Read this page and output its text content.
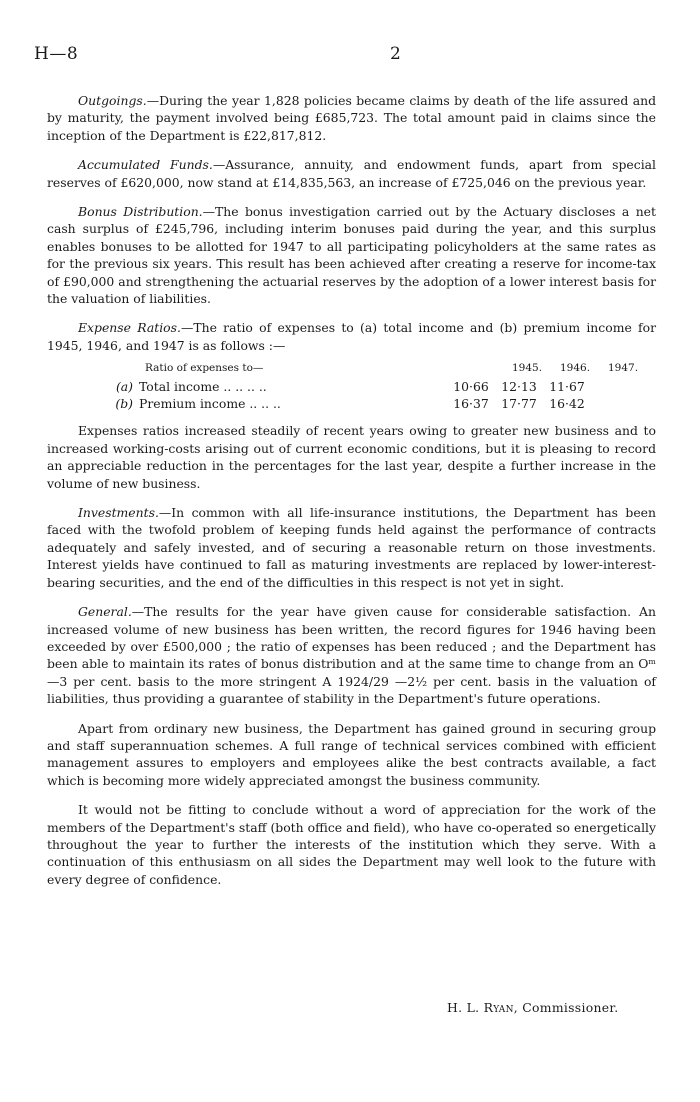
H—8	2

Outgoings.—During the year 1,828 policies became claims by death of the life assured and by maturity, the payment involved being £685,723. The total amount paid in claims since the inception of the Department is £22,817,812.

Accumulated Funds.—Assurance, annuity, and endowment funds, apart from special reserves of £620,000, now stand at £14,835,563, an increase of £725,046 on the previous year.

Bonus Distribution.—The bonus investigation carried out by the Actuary discloses a net cash surplus of £245,796, including interim bonuses paid during the year, and this surplus enables bonuses to be allotted for 1947 to all participating policyholders at the same rates as for the previous six years. This result has been achieved after creating a reserve for income-tax of £90,000 and strengthening the actuarial reserves by the adoption of a lower interest basis for the valuation of liabilities.

Expense Ratios.—The ratio of expenses to (a) total income and (b) premium income for 1945, 1946, and 1947 is as follows :—

Ratio of expenses to—	1945.	1946.	1947.
(a) Total income .. .. .. ..	10·66	12·13	11·67
(b) Premium income .. .. ..	16·37	17·77	16·42

Expenses ratios increased steadily of recent years owing to greater new business and to increased working-costs arising out of current economic conditions, but it is pleasing to record an appreciable reduction in the percentages for the last year, despite a further increase in the volume of new business.

Investments.—In common with all life-insurance institutions, the Department has been faced with the twofold problem of keeping funds held against the performance of contracts adequately and safely invested, and of securing a reasonable return on those investments. Interest yields have continued to fall as maturing investments are replaced by lower-interest-bearing securities, and the end of the difficulties in this respect is not yet in sight.

General.—The results for the year have given cause for considerable satisfaction. An increased volume of new business has been written, the record figures for 1946 having been exceeded by over £500,000 ; the ratio of expenses has been reduced ; and the Department has been able to maintain its rates of bonus distribution and at the same time to change from an Oᵐ —3 per cent. basis to the more stringent A 1924/29 —2½ per cent. basis in the valuation of liabilities, thus providing a guarantee of stability in the Department's future operations.

Apart from ordinary new business, the Department has gained ground in securing group and staff superannuation schemes. A full range of technical services combined with efficient management assures to employers and employees alike the best contracts available, a fact which is becoming more widely appreciated amongst the business community.

It would not be fitting to conclude without a word of appreciation for the work of the members of the Department's staff (both office and field), who have co-operated so energetically throughout the year to further the interests of the institution which they serve. With a continuation of this enthusiasm on all sides the Department may well look to the future with every degree of confidence.

H. L. Ryan, Commissioner.
